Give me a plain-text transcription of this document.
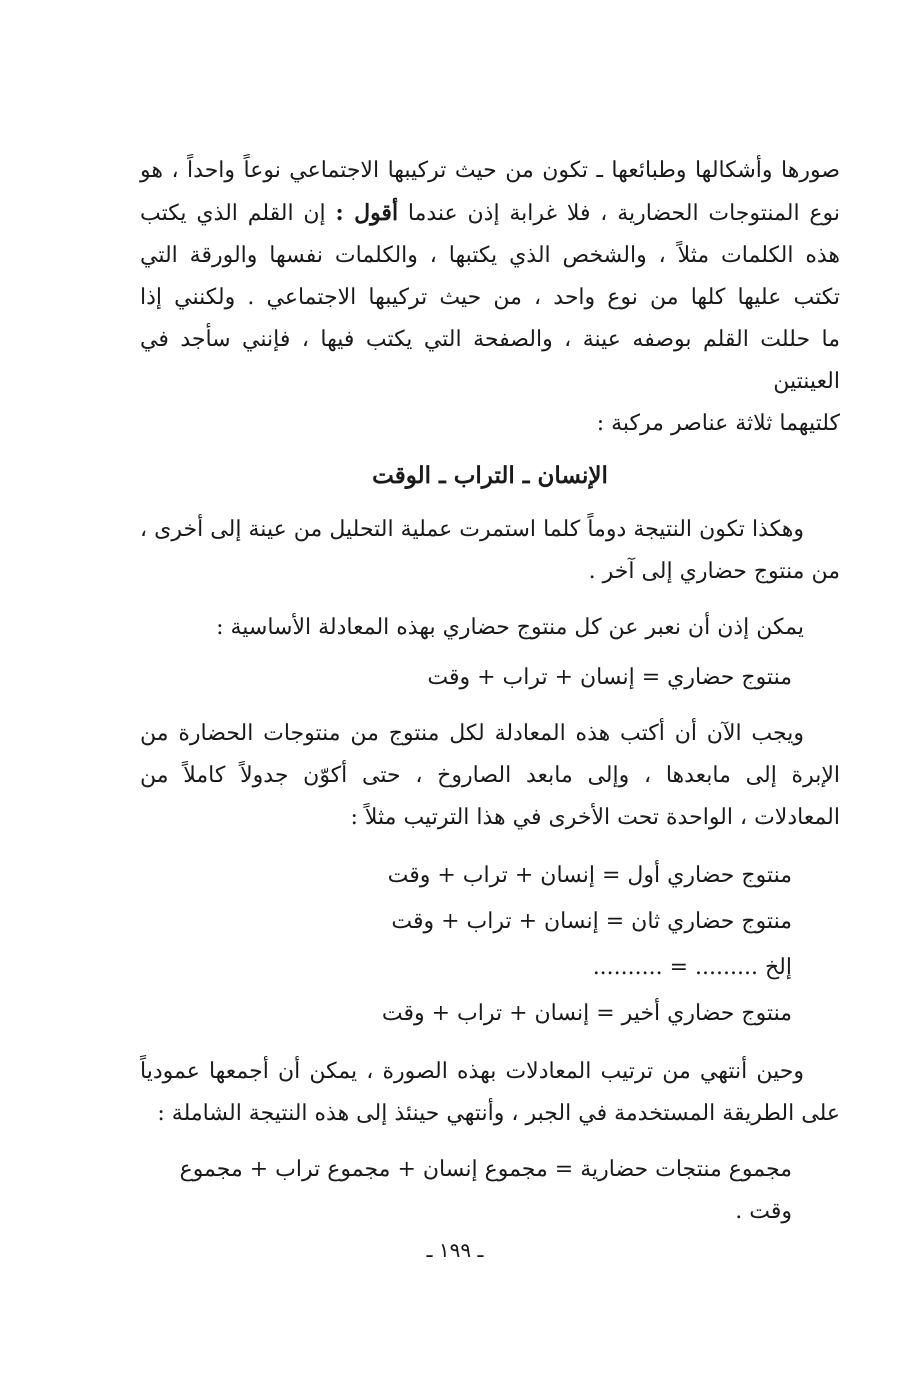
صورها وأشكالها وطبائعها ـ تكون من حيث تركيبها الاجتماعي نوعاً واحداً ، هو
نوع المنتوجات الحضارية ، فلا غرابة إذن عندما أقول : إن القلم الذي يكتب
هذه الكلمات مثلاً ، والشخص الذي يكتبها ، والكلمات نفسها والورقة التي
تكتب عليها كلها من نوع واحد ، من حيث تركيبها الاجتماعي . ولكنني إذا
ما حللت القلم بوصفه عينة ، والصفحة التي يكتب فيها ، فإنني سأجد في العينتين
كلتيهما ثلاثة عناصر مركبة :

الإنسان ـ التراب ـ الوقت

وهكذا تكون النتيجة دوماً كلما استمرت عملية التحليل من عينة إلى أخرى ،
من منتوج حضاري إلى آخر .

يمكن إذن أن نعبر عن كل منتوج حضاري بهذه المعادلة الأساسية :

منتوج حضاري = إنسان + تراب + وقت

ويجب الآن أن أكتب هذه المعادلة لكل منتوج من منتوجات الحضارة من
الإبرة إلى مابعدها ، وإلى مابعد الصاروخ ، حتى أكوّن جدولاً كاملاً من
المعادلات ، الواحدة تحت الأخرى في هذا الترتيب مثلاً :

منتوج حضاري أول = إنسان + تراب + وقت

منتوج حضاري ثان = إنسان + تراب + وقت

إلخ ......... = ..........

منتوج حضاري أخير = إنسان + تراب + وقت

وحين أنتهي من ترتيب المعادلات بهذه الصورة ، يمكن أن أجمعها عمودياً
على الطريقة المستخدمة في الجبر ، وأنتهي حينئذ إلى هذه النتيجة الشاملة :

مجموع منتجات حضارية = مجموع إنسان + مجموع تراب + مجموع وقت .

ـ ١٩٩ ـ
